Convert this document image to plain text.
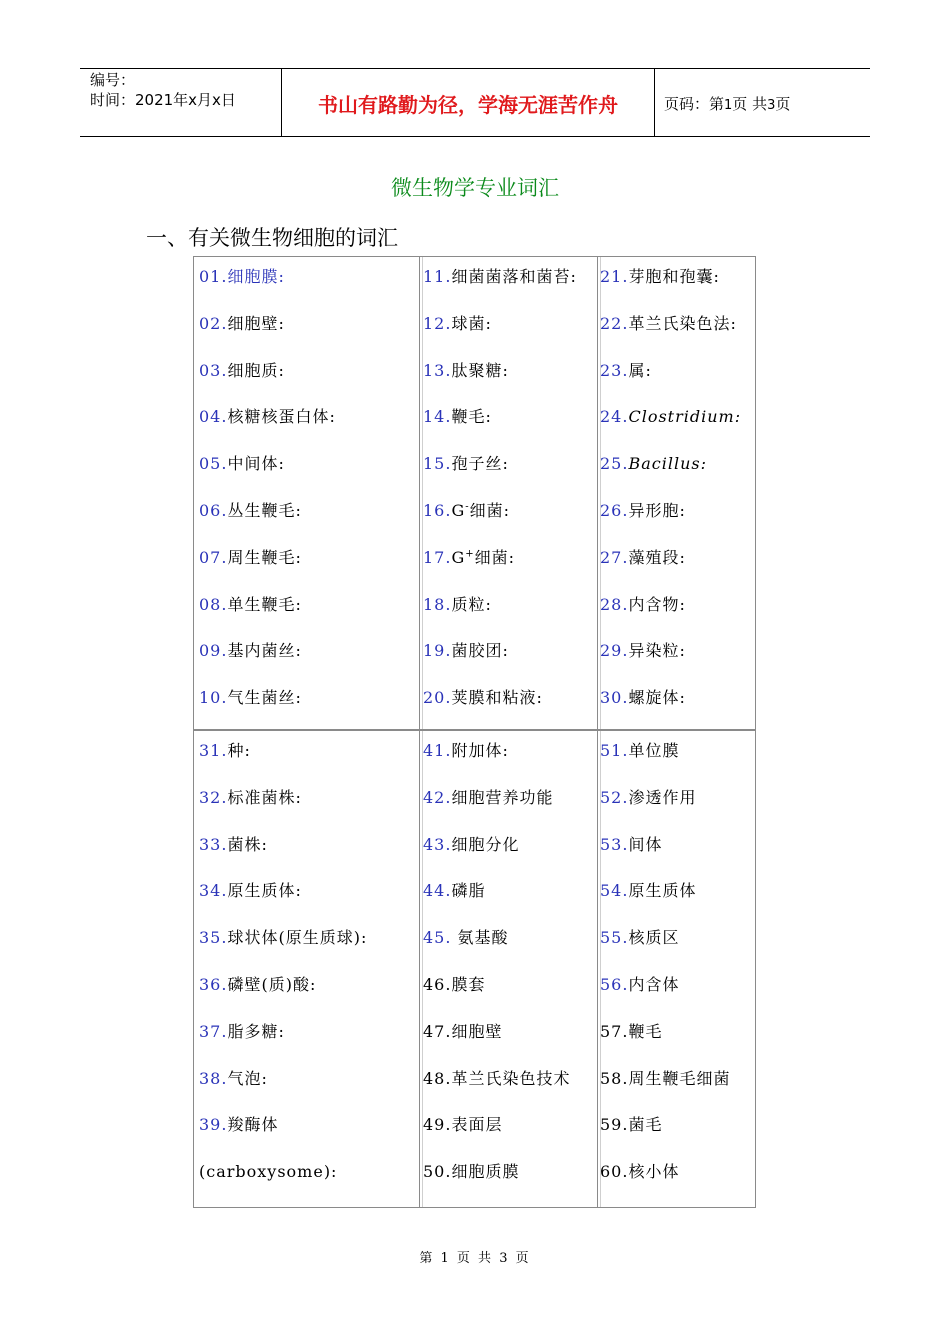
编号：
时间：2021年x月x日	书山有路勤为径，学海无涯苦作舟	页码：第1页 共3页
微生物学专业词汇
一、有关微生物细胞的词汇
01.细胞膜:
02.细胞壁:
03.细胞质:
04.核糖核蛋白体:
05.中间体:
06.丛生鞭毛:
07.周生鞭毛:
08.单生鞭毛:
09.基内菌丝:
10.气生菌丝:
11.细菌菌落和菌苔:
12.球菌:
13.肽聚糖:
14.鞭毛:
15.孢子丝:
16.G-细菌:
17.G+细菌:
18.质粒:
19.菌胶团:
20.荚膜和粘液:
21.芽胞和孢囊:
22.革兰氏染色法:
23.属:
24.Clostridium:
25.Bacillus:
26.异形胞:
27.藻殖段:
28.内含物:
29.异染粒:
30.螺旋体:
31.种:
32.标准菌株:
33.菌株:
34.原生质体:
35.球状体(原生质球):
36.磷壁(质)酸:
37.脂多糖:
38.气泡:
39.羧酶体
(carboxysome):
41.附加体:
42.细胞营养功能
43.细胞分化
44.磷脂
45. 氨基酸
46.膜套
47.细胞壁
48.革兰氏染色技术
49.表面层
50.细胞质膜
51.单位膜
52.渗透作用
53.间体
54.原生质体
55.核质区
56.内含体
57.鞭毛
58.周生鞭毛细菌
59.菌毛
60.核小体
第 1 页 共 3 页
